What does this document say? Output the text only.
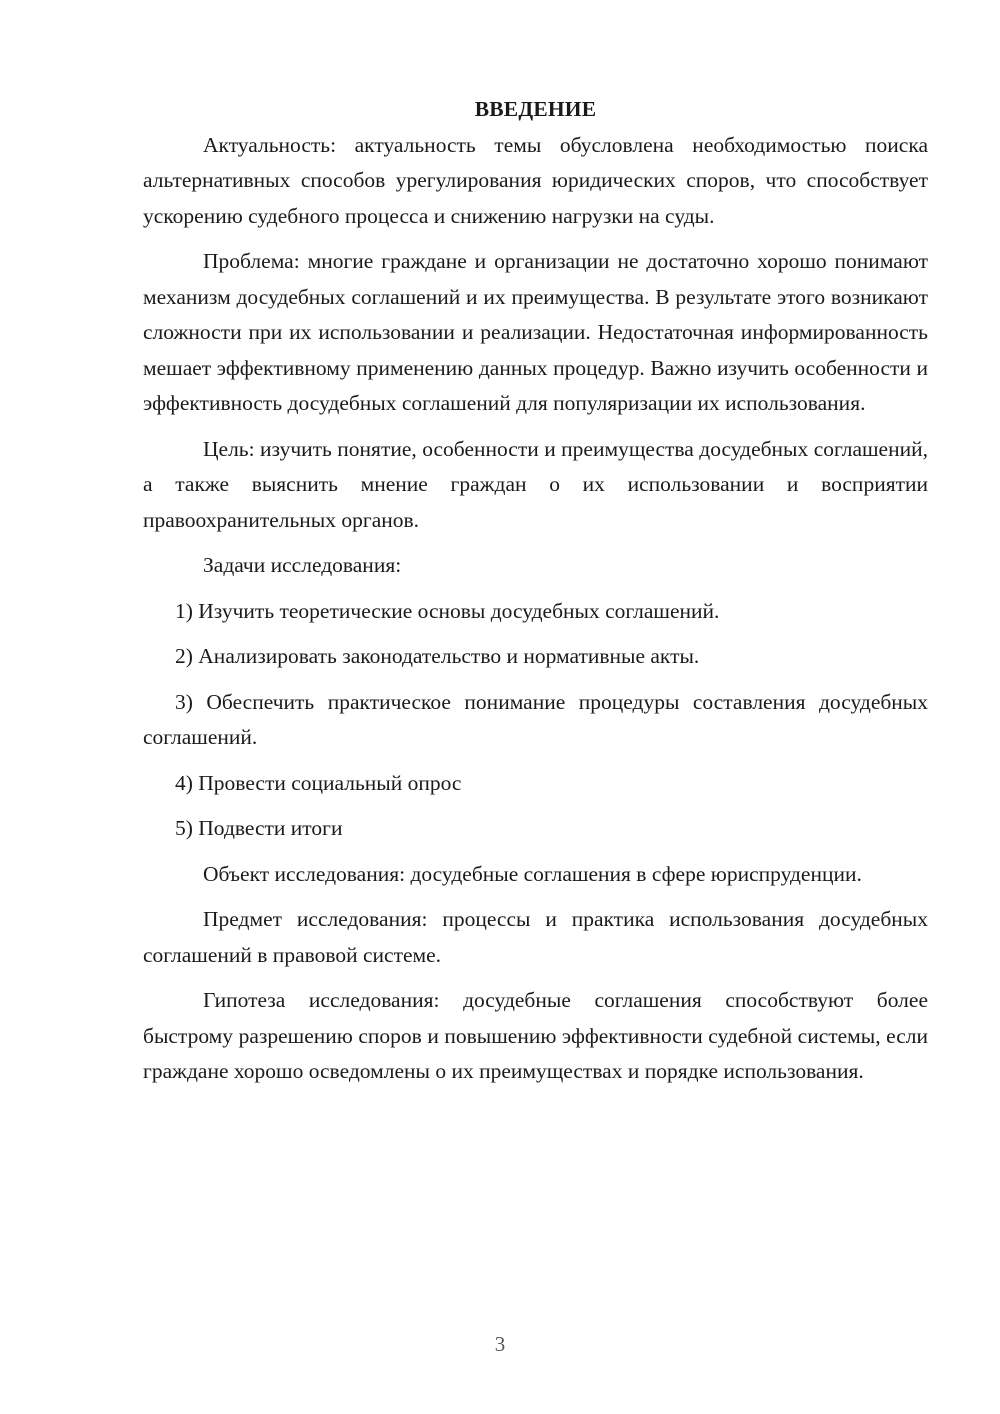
ВВЕДЕНИЕ

Актуальность: актуальность темы обусловлена необходимостью поиска альтернативных способов урегулирования юридических споров, что способствует ускорению судебного процесса и снижению нагрузки на суды.

Проблема: многие граждане и организации не достаточно хорошо понимают механизм досудебных соглашений и их преимущества. В результате этого возникают сложности при их использовании и реализации. Недостаточная информированность мешает эффективному применению данных процедур. Важно изучить особенности и эффективность досудебных соглашений для популяризации их использования.

Цель: изучить понятие, особенности и преимущества досудебных соглашений, а также выяснить мнение граждан о их использовании и восприятии правоохранительных органов.

Задачи исследования:

1) Изучить теоретические основы досудебных соглашений.

2) Анализировать законодательство и нормативные акты.

3) Обеспечить практическое понимание процедуры составления досудебных соглашений.

4) Провести социальный опрос

5) Подвести итоги

Объект исследования: досудебные соглашения в сфере юриспруденции.

Предмет исследования: процессы и практика использования досудебных соглашений в правовой системе.

Гипотеза исследования: досудебные соглашения способствуют более быстрому разрешению споров и повышению эффективности судебной системы, если граждане хорошо осведомлены о их преимуществах и порядке использования.

3
